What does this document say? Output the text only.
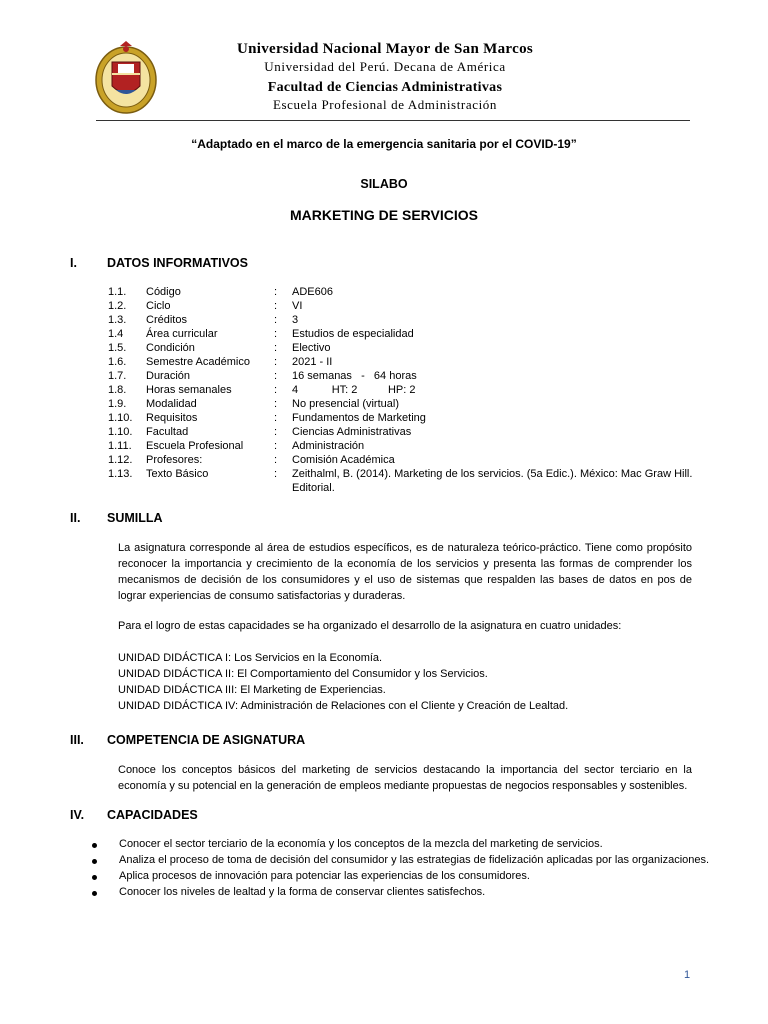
Universidad Nacional Mayor de San Marcos
Universidad del Perú. Decana de América
Facultad de Ciencias Administrativas
Escuela Profesional de Administración
“Adaptado en el marco de la emergencia sanitaria por el COVID-19”
SILABO
MARKETING DE SERVICIOS
I. DATOS INFORMATIVOS
1.1. Código	: ADE606
1.2. Ciclo	: VI
1.3. Créditos	: 3
1.4 Área curricular	: Estudios de especialidad
1.5. Condición	: Electivo
1.6. Semestre Académico : 2021 - II
1.7. Duración	: 16 semanas   -   64 horas
1.8. Horas semanales	: 4           HT: 2          HP: 2
1.9. Modalidad	: No presencial (virtual)
1.10. Requisitos	: Fundamentos de Marketing
1.10. Facultad	: Ciencias Administrativas
1.11. Escuela Profesional	: Administración
1.12. Profesores:	: Comisión Académica
1.13. Texto Básico	: Zeithalml, B. (2014). Marketing de los servicios. (5a Edic.). México: Mac Graw Hill.
Editorial.
II. SUMILLA
La asignatura corresponde al área de estudios específicos, es de naturaleza teórico-práctico. Tiene como propósito reconocer la importancia y crecimiento de la economía de los servicios y presenta las formas de comprender los mecanismos de decisión de los consumidores y el uso de sistemas que respalden las bases de datos en pos de lograr experiencias de consumo satisfactorias y duraderas.
Para el logro de estas capacidades se ha organizado el desarrollo de la asignatura en cuatro unidades:
UNIDAD DIDÁCTICA I: Los Servicios en la Economía.
UNIDAD DIDÁCTICA II: El Comportamiento del Consumidor y los Servicios.
UNIDAD DIDÁCTICA III: El Marketing de Experiencias.
UNIDAD DIDÁCTICA IV: Administración de Relaciones con el Cliente y Creación de Lealtad.
III. COMPETENCIA DE ASIGNATURA
Conoce los conceptos básicos del marketing de servicios destacando la importancia del sector terciario en la economía y su potencial en la generación de empleos mediante propuestas de negocios responsables y sostenibles.
IV. CAPACIDADES
Conocer el sector terciario de la economía y los conceptos de la mezcla del marketing de servicios.
Analiza el proceso de toma de decisión del consumidor y las estrategias de fidelización aplicadas por las organizaciones.
Aplica procesos de innovación para potenciar las experiencias de los consumidores.
Conocer los niveles de lealtad y la forma de conservar clientes satisfechos.
1
